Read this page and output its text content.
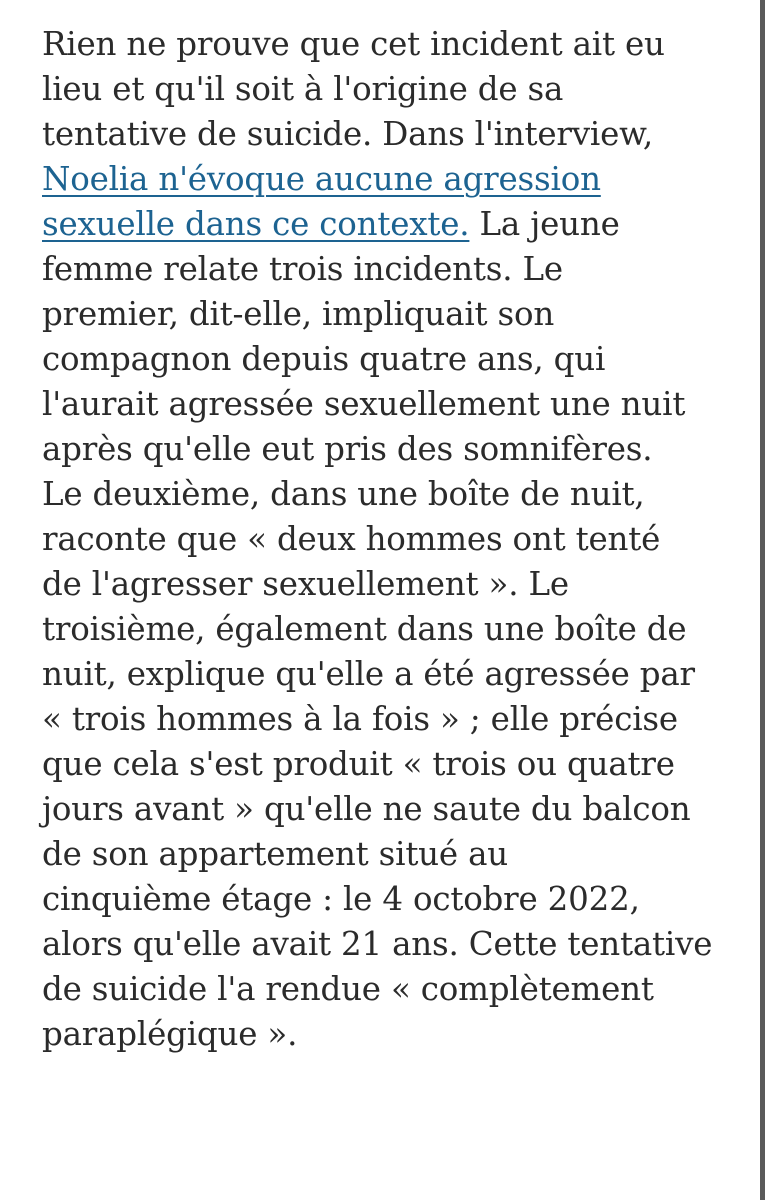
Rien ne prouve que cet incident ait eu
lieu et qu'il soit à l'origine de sa
tentative de suicide. Dans l'interview,
Noelia n'évoque aucune agression
sexuelle dans ce contexte. La jeune
femme relate trois incidents. Le
premier, dit-elle, impliquait son
compagnon depuis quatre ans, qui
l'aurait agressée sexuellement une nuit
après qu'elle eut pris des somnifères.
Le deuxième, dans une boîte de nuit,
raconte que « deux hommes ont tenté
de l'agresser sexuellement ». Le
troisième, également dans une boîte de
nuit, explique qu'elle a été agressée par
« trois hommes à la fois » ; elle précise
que cela s'est produit « trois ou quatre
jours avant » qu'elle ne saute du balcon
de son appartement situé au
cinquième étage : le 4 octobre 2022,
alors qu'elle avait 21 ans. Cette tentative
de suicide l'a rendue « complètement
paraplégique ».
